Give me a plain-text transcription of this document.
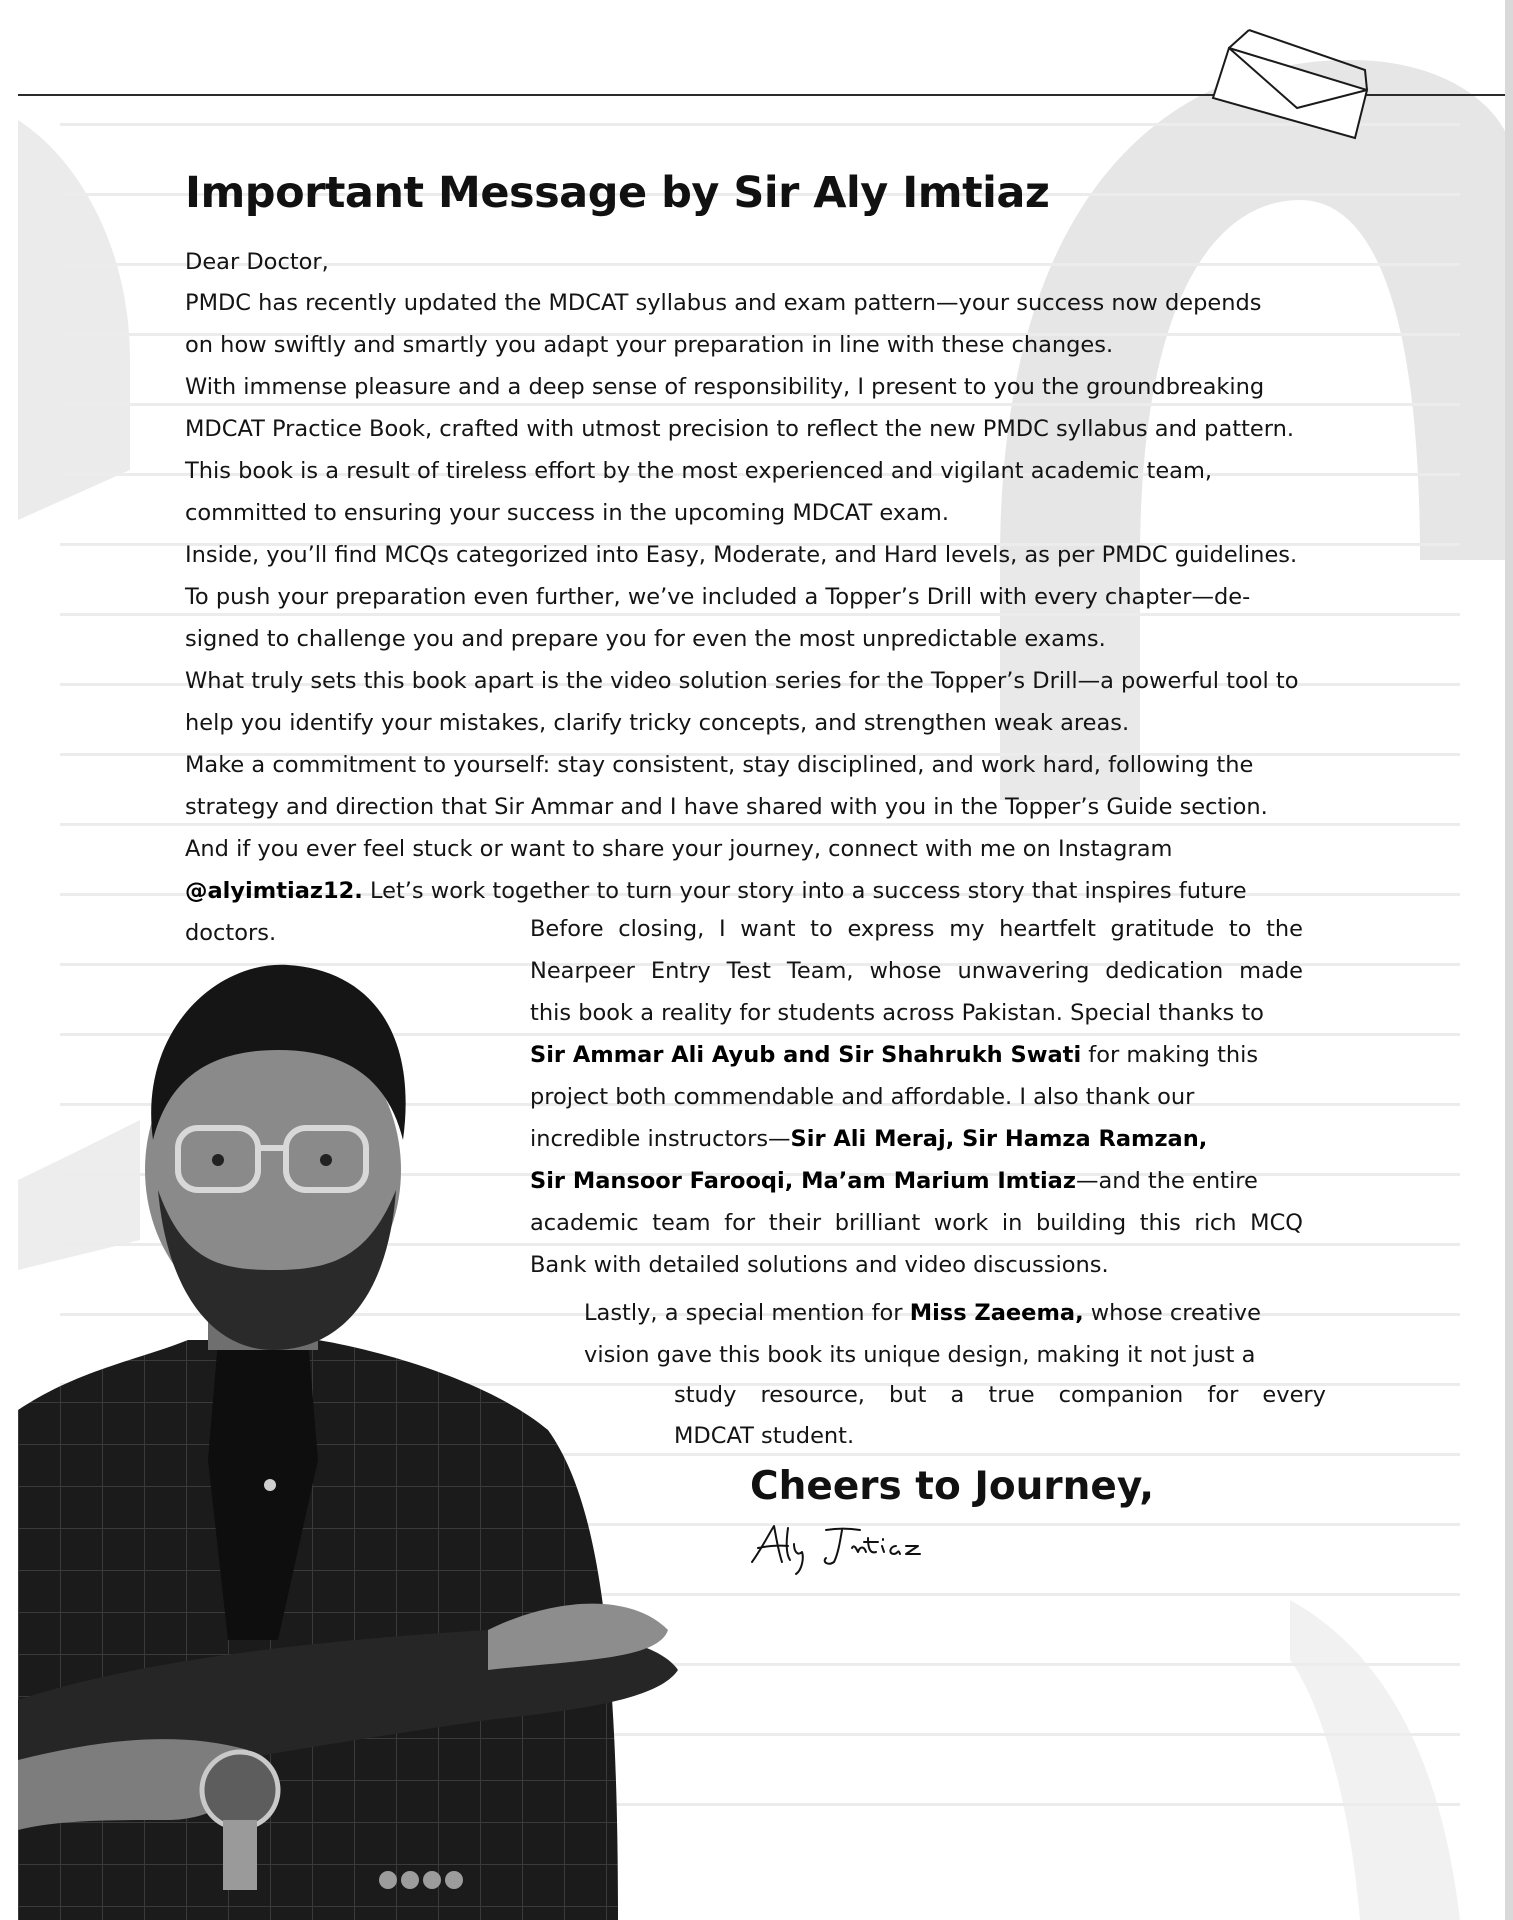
Important Message by Sir Aly Imtiaz
Dear Doctor,
PMDC has recently updated the MDCAT syllabus and exam pattern—your success now depends
on how swiftly and smartly you adapt your preparation in line with these changes.
With immense pleasure and a deep sense of responsibility, I present to you the groundbreaking
MDCAT Practice Book, crafted with utmost precision to reflect the new PMDC syllabus and pattern.
This book is a result of tireless effort by the most experienced and vigilant academic team,
committed to ensuring your success in the upcoming MDCAT exam.
Inside, you’ll find MCQs categorized into Easy, Moderate, and Hard levels, as per PMDC guidelines.
To push your preparation even further, we’ve included a Topper’s Drill with every chapter—de-
signed to challenge you and prepare you for even the most unpredictable exams.
What truly sets this book apart is the video solution series for the Topper’s Drill—a powerful tool to
help you identify your mistakes, clarify tricky concepts, and strengthen weak areas.
Make a commitment to yourself: stay consistent, stay disciplined, and work hard, following the
strategy and direction that Sir Ammar and I have shared with you in the Topper’s Guide section.
And if you ever feel stuck or want to share your journey, connect with me on Instagram
@alyimtiaz12. Let’s work together to turn your story into a success story that inspires future
doctors.	Before closing, I want to express my heartfelt gratitude to the
Nearpeer Entry Test Team, whose unwavering dedication made
this book a reality for students across Pakistan. Special thanks to
Sir Ammar Ali Ayub and Sir Shahrukh Swati for making this
project both commendable and affordable. I also thank our
incredible instructors—Sir Ali Meraj, Sir Hamza Ramzan,
Sir Mansoor Farooqi, Ma’am Marium Imtiaz—and the entire
academic team for their brilliant work in building this rich MCQ
Bank with detailed solutions and video discussions.
Lastly, a special mention for Miss Zaeema, whose creative
vision gave this book its unique design, making it not just a
study resource, but a true companion for every
MDCAT student.
Cheers to Journey,
